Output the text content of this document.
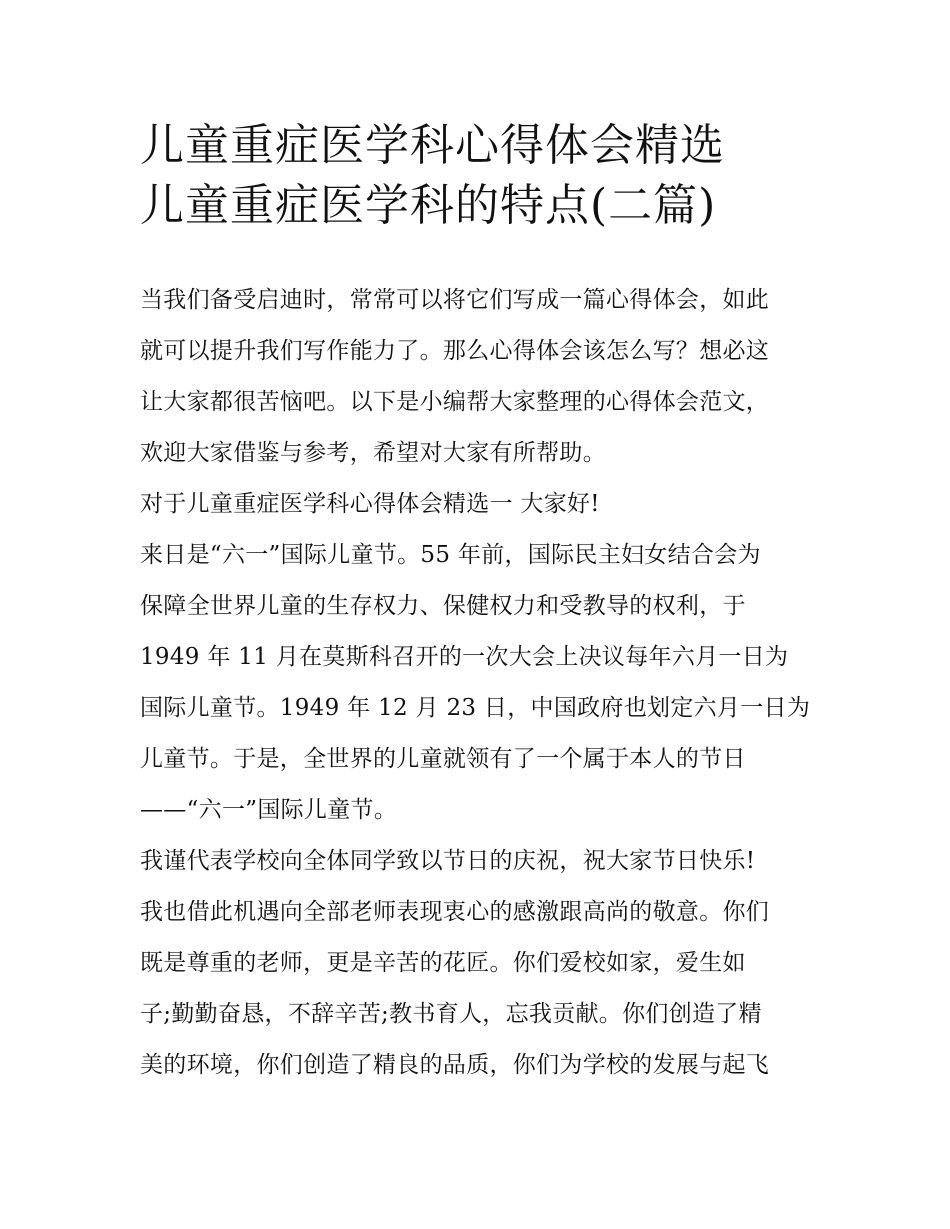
儿童重症医学科心得体会精选
儿童重症医学科的特点(二篇)

当我们备受启迪时，常常可以将它们写成一篇心得体会，如此

就可以提升我们写作能力了。那么心得体会该怎么写？想必这

让大家都很苦恼吧。以下是小编帮大家整理的心得体会范文，

欢迎大家借鉴与参考，希望对大家有所帮助。

对于儿童重症医学科心得体会精选一 大家好!

来日是“六一”国际儿童节。55 年前，国际民主妇女结合会为

保障全世界儿童的生存权力、保健权力和受教导的权利，于

1949 年 11 月在莫斯科召开的一次大会上决议每年六月一日为

国际儿童节。1949 年 12 月 23 日，中国政府也划定六月一日为

儿童节。于是，全世界的儿童就领有了一个属于本人的节日

——“六一”国际儿童节。

我谨代表学校向全体同学致以节日的庆祝，祝大家节日快乐!

我也借此机遇向全部老师表现衷心的感激跟高尚的敬意。你们

既是尊重的老师，更是辛苦的花匠。你们爱校如家，爱生如

子;勤勤奋恳，不辞辛苦;教书育人，忘我贡献。你们创造了精

美的环境，你们创造了精良的品质，你们为学校的发展与起飞
